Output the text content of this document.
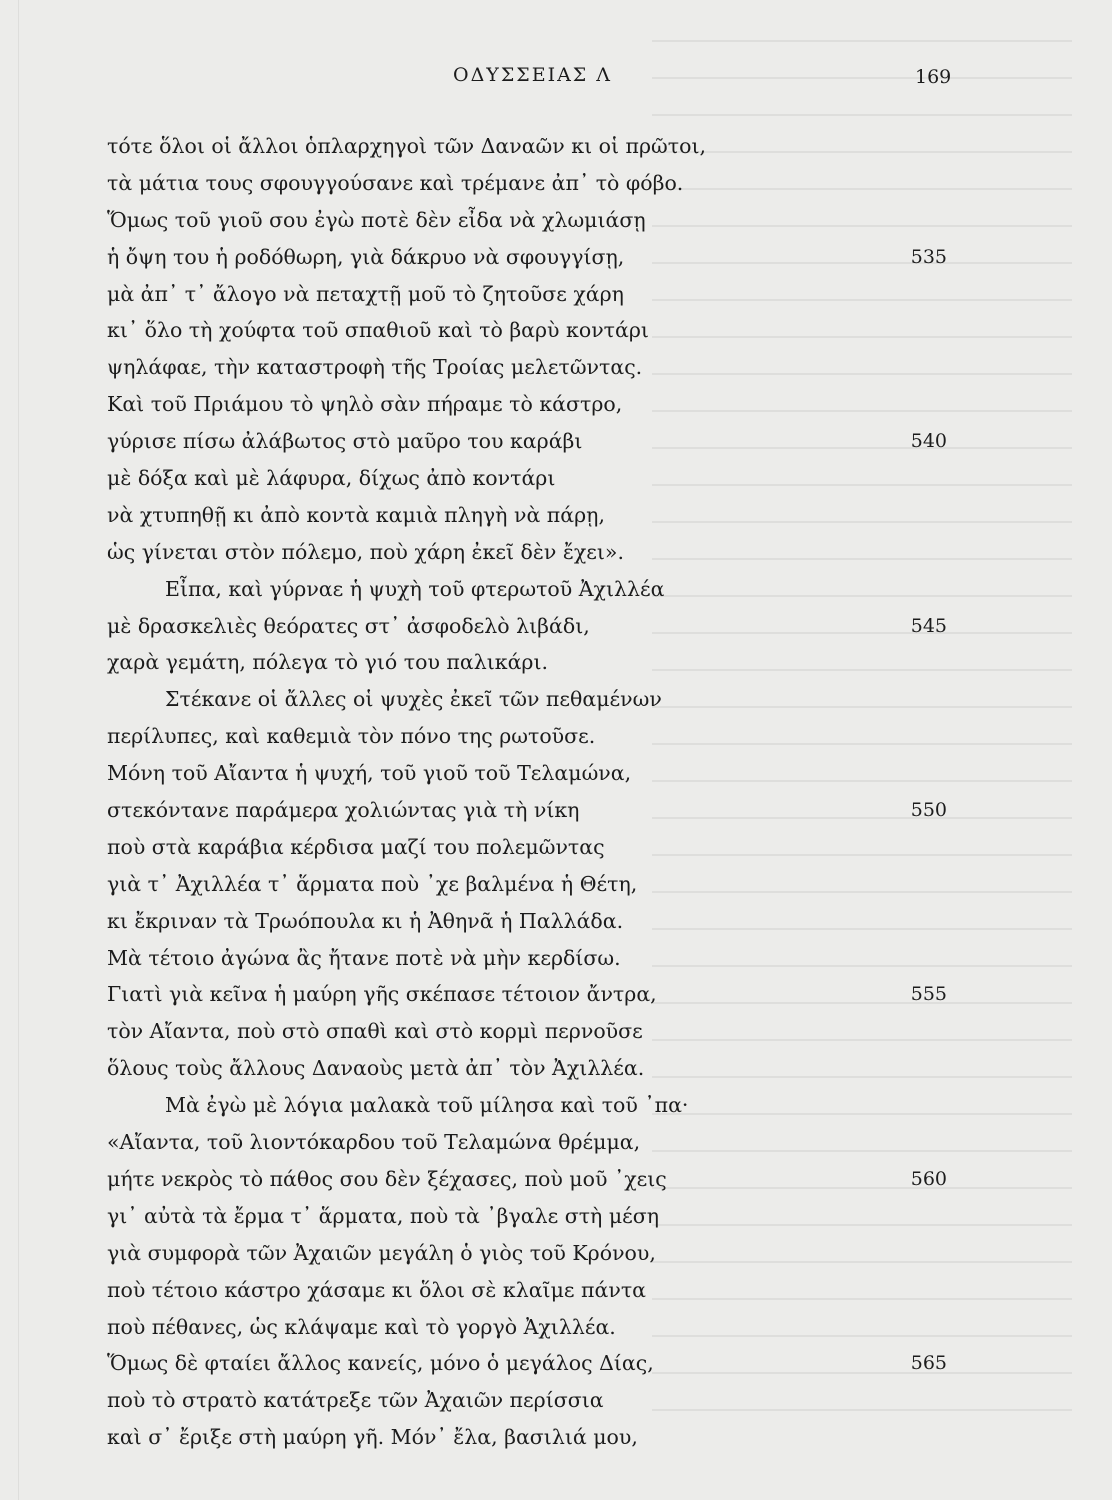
ΟΔΥΣΣΕΙΑΣ Λ	169
τότε ὅλοι οἱ ἄλλοι ὁπλαρχηγοὶ τῶν Δαναῶν κι οἱ πρῶτοι,
τὰ μάτια τους σφουγγούσανε καὶ τρέμανε ἀπ᾿ τὸ φόβο.
Ὅμως τοῦ γιοῦ σου ἐγὼ ποτὲ δὲν εἶδα νὰ χλωμιάσῃ
ἡ ὄψη του ἡ ροδόθωρη, γιὰ δάκρυο νὰ σφουγγίσῃ,	535
μὰ ἀπ᾿ τ᾿ ἄλογο νὰ πεταχτῇ μοῦ τὸ ζητοῦσε χάρη
κι᾿ ὅλο τὴ χούφτα τοῦ σπαθιοῦ καὶ τὸ βαρὺ κοντάρι
ψηλάφαε, τὴν καταστροφὴ τῆς Τροίας μελετῶντας.
Καὶ τοῦ Πριάμου τὸ ψηλὸ σὰν πήραμε τὸ κάστρο,
γύρισε πίσω ἀλάβωτος στὸ μαῦρο του καράβι	540
μὲ δόξα καὶ μὲ λάφυρα, δίχως ἀπὸ κοντάρι
νὰ χτυπηθῇ κι ἀπὸ κοντὰ καμιὰ πληγὴ νὰ πάρῃ,
ὡς γίνεται στὸν πόλεμο, ποὺ χάρη ἐκεῖ δὲν ἔχει».
Εἶπα, καὶ γύρναε ἡ ψυχὴ τοῦ φτερωτοῦ Ἀχιλλέα
μὲ δρασκελιὲς θεόρατες στ᾿ ἀσφοδελὸ λιβάδι,	545
χαρὰ γεμάτη, πόλεγα τὸ γιό του παλικάρι.
Στέκανε οἱ ἄλλες οἱ ψυχὲς ἐκεῖ τῶν πεθαμένων
περίλυπες, καὶ καθεμιὰ τὸν πόνο της ρωτοῦσε.
Μόνη τοῦ Αἴαντα ἡ ψυχή, τοῦ γιοῦ τοῦ Τελαμώνα,
στεκόντανε παράμερα χολιώντας γιὰ τὴ νίκη	550
ποὺ στὰ καράβια κέρδισα μαζί του πολεμῶντας
γιὰ τ᾿ Ἀχιλλέα τ᾿ ἅρματα ποὺ ᾿χε βαλμένα ἡ Θέτη,
κι ἔκριναν τὰ Τρωόπουλα κι ἡ Ἀθηνᾶ ἡ Παλλάδα.
Μὰ τέτοιο ἀγώνα ἂς ἤτανε ποτὲ νὰ μὴν κερδίσω.
Γιατὶ γιὰ κεῖνα ἡ μαύρη γῆς σκέπασε τέτοιον ἄντρα,	555
τὸν Αἴαντα, ποὺ στὸ σπαθὶ καὶ στὸ κορμὶ περνοῦσε
ὅλους τοὺς ἄλλους Δαναοὺς μετὰ ἀπ᾿ τὸν Ἀχιλλέα.
Μὰ ἐγὼ μὲ λόγια μαλακὰ τοῦ μίλησα καὶ τοῦ ᾿πα·
«Αἴαντα, τοῦ λιοντόκαρδου τοῦ Τελαμώνα θρέμμα,
μήτε νεκρὸς τὸ πάθος σου δὲν ξέχασες, ποὺ μοῦ ᾿χεις	560
γι᾿ αὐτὰ τὰ ἔρμα τ᾿ ἅρματα, ποὺ τὰ ᾿βγαλε στὴ μέση
γιὰ συμφορὰ τῶν Ἀχαιῶν μεγάλη ὁ γιὸς τοῦ Κρόνου,
ποὺ τέτοιο κάστρο χάσαμε κι ὅλοι σὲ κλαῖμε πάντα
ποὺ πέθανες, ὡς κλάψαμε καὶ τὸ γοργὸ Ἀχιλλέα.
Ὅμως δὲ φταίει ἄλλος κανείς, μόνο ὁ μεγάλος Δίας,	565
ποὺ τὸ στρατὸ κατάτρεξε τῶν Ἀχαιῶν περίσσια
καὶ σ᾿ ἔριξε στὴ μαύρη γῆ. Μόν᾿ ἔλα, βασιλιά μου,
